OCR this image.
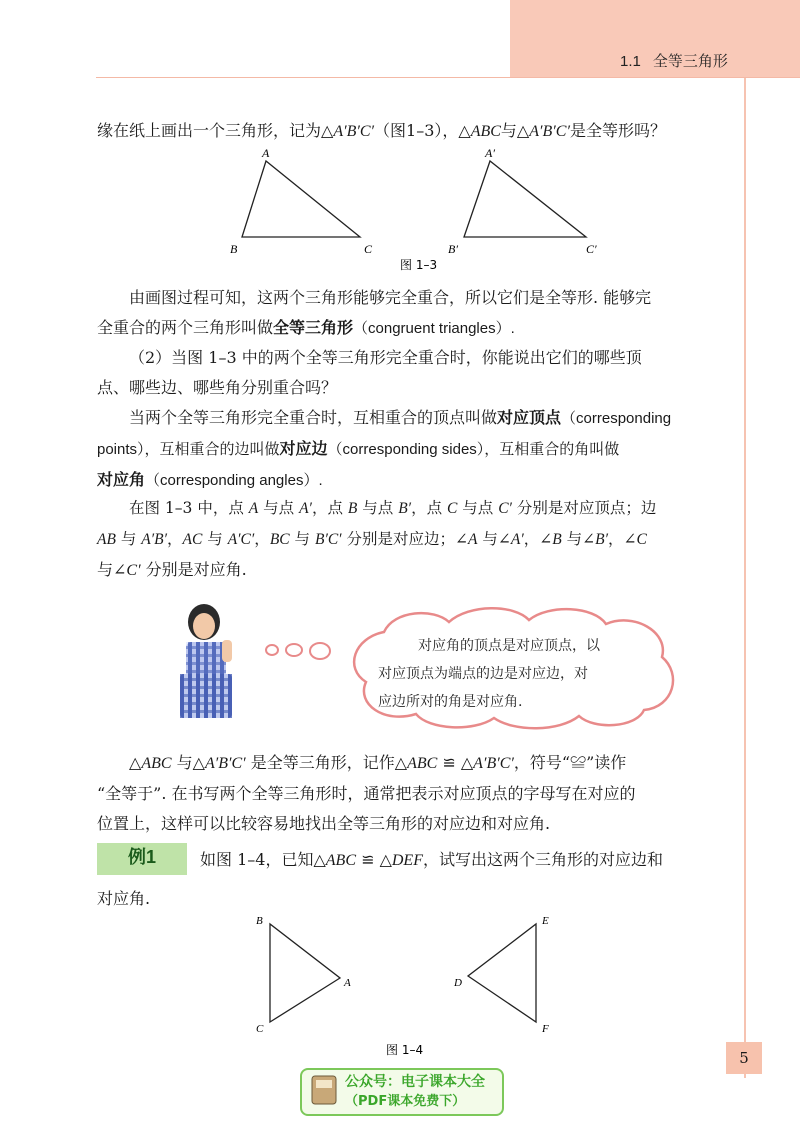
1.1 全等三角形
缘在纸上画出一个三角形，记为△A′B′C′（图1–3），△ABC与△A′B′C′是全等形吗？
A
B	C
A′
B′	C′
图 1–3
由画图过程可知，这两个三角形能够完全重合，所以它们是全等形. 能够完
全重合的两个三角形叫做全等三角形（congruent triangles）.
（2）当图 1–3 中的两个全等三角形完全重合时，你能说出它们的哪些顶
点、哪些边、哪些角分别重合吗？
当两个全等三角形完全重合时，互相重合的顶点叫做对应顶点（corresponding
points），互相重合的边叫做对应边（corresponding sides），互相重合的角叫做
对应角（corresponding angles）.
在图 1–3 中，点 A 与点 A′，点 B 与点 B′，点 C 与点 C′ 分别是对应顶点；边
AB 与 A′B′，AC 与 A′C′，BC 与 B′C′ 分别是对应边；∠A 与∠A′，∠B 与∠B′，∠C
与∠C′ 分别是对应角.
对应角的顶点是对应顶点，以
对应顶点为端点的边是对应边，对
应边所对的角是对应角.
△ABC 与△A′B′C′ 是全等三角形，记作△ABC ≌ △A′B′C′，符号“≌”读作
“全等于”. 在书写两个全等三角形时，通常把表示对应顶点的字母写在对应的
位置上，这样可以比较容易地找出全等三角形的对应边和对应角.
例1	如图 1–4，已知△ABC ≌ △DEF，试写出这两个三角形的对应边和
对应角.
B
A
C
E
D
F
图 1–4	5
公众号：电子课本大全
（PDF课本免费下）
